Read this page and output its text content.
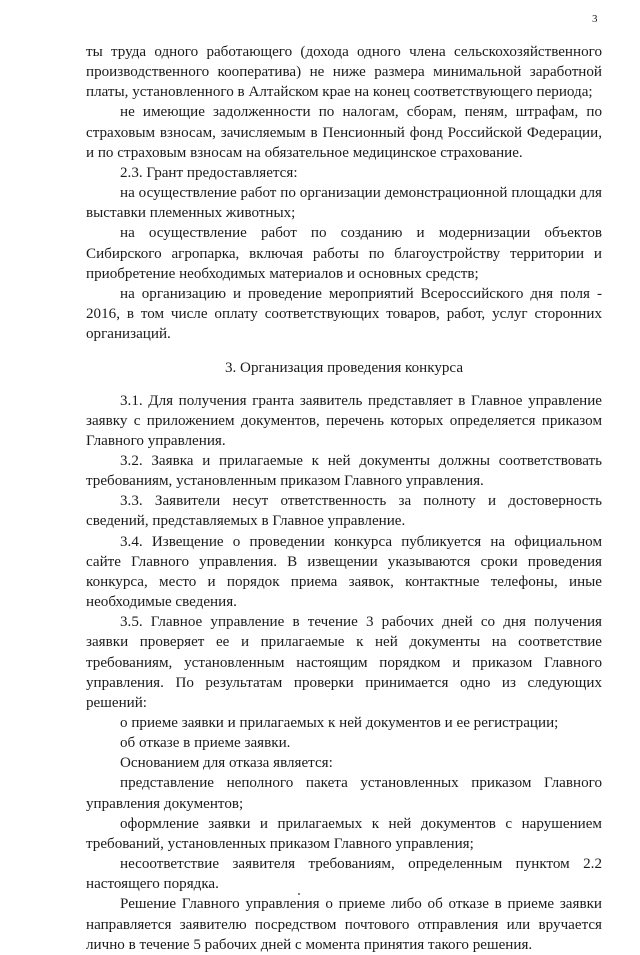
3

ты труда одного работающего (дохода одного члена сельскохозяйственного производственного кооператива) не ниже размера минимальной заработной платы, установленного в Алтайском крае на конец соответствующего периода;

не имеющие задолженности по налогам, сборам, пеням, штрафам, по страховым взносам, зачисляемым в Пенсионный фонд Российской Федерации, и по страховым взносам на обязательное медицинское страхование.

2.3. Грант предоставляется:

на осуществление работ по организации демонстрационной площадки для выставки племенных животных;

на осуществление работ по созданию и модернизации объектов Сибирского агропарка, включая работы по благоустройству территории и приобретение необходимых материалов и основных средств;

на организацию и проведение мероприятий Всероссийского дня поля - 2016, в том числе оплату соответствующих товаров, работ, услуг сторонних организаций.

3. Организация проведения конкурса

3.1. Для получения гранта заявитель представляет в Главное управление заявку с приложением документов, перечень которых определяется приказом Главного управления.

3.2. Заявка и прилагаемые к ней документы должны соответствовать требованиям, установленным приказом Главного управления.

3.3. Заявители несут ответственность за полноту и достоверность сведений, представляемых в Главное управление.

3.4. Извещение о проведении конкурса публикуется на официальном сайте Главного управления. В извещении указываются сроки проведения конкурса, место и порядок приема заявок, контактные телефоны, иные необходимые сведения.

3.5. Главное управление в течение 3 рабочих дней со дня получения заявки проверяет ее и прилагаемые к ней документы на соответствие требованиям, установленным настоящим порядком и приказом Главного управления. По результатам проверки принимается одно из следующих решений:

о приеме заявки и прилагаемых к ней документов и ее регистрации;

об отказе в приеме заявки.

Основанием для отказа является:

представление неполного пакета установленных приказом Главного управления документов;

оформление заявки и прилагаемых к ней документов с нарушением требований, установленных приказом Главного управления;

несоответствие заявителя требованиям, определенным пунктом 2.2 настоящего порядка.

Решение Главного управления о приеме либо об отказе в приеме заявки направляется заявителю посредством почтового отправления или вручается лично в течение 5 рабочих дней с момента принятия такого решения.
